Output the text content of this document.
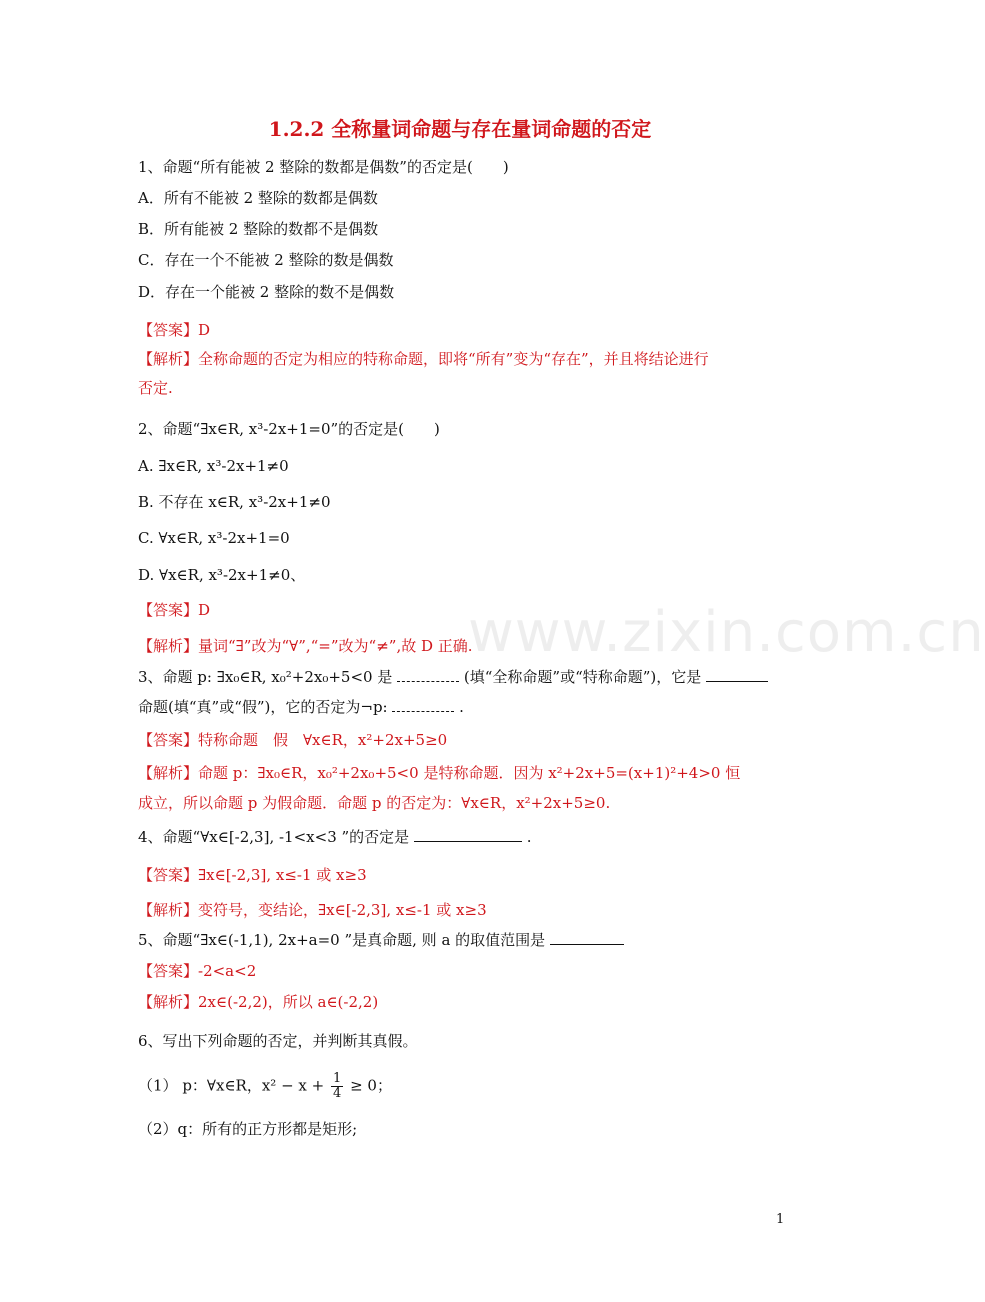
1.2.2 全称量词命题与存在量词命题的否定
1、命题“所有能被 2 整除的数都是偶数”的否定是(　　)
A．所有不能被 2 整除的数都是偶数
B．所有能被 2 整除的数都不是偶数
C．存在一个不能被 2 整除的数是偶数
D．存在一个能被 2 整除的数不是偶数
【答案】D
【解析】全称命题的否定为相应的特称命题，即将“所有”变为“存在”，并且将结论进行
否定.
2、命题“∃x∈R, x³-2x+1=0”的否定是(　　)
A. ∃x∈R, x³-2x+1≠0
B. 不存在 x∈R, x³-2x+1≠0
C. ∀x∈R, x³-2x+1=0
D. ∀x∈R, x³-2x+1≠0、
【答案】D
【解析】量词“∃”改为“∀”,“=”改为“≠”,故 D 正确.
3、命题 p: ∃x₀∈R, x₀²+2x₀+5<0 是	(填“全称命题”或“特称命题”)，它是
命题(填“真”或“假”)，它的否定为¬p:	.
【答案】特称命题　假　∀x∈R，x²+2x+5≥0
【解析】命题 p：∃x₀∈R，x₀²+2x₀+5<0 是特称命题．因为 x²+2x+5=(x+1)²+4>0 恒
成立，所以命题 p 为假命题．命题 p 的否定为：∀x∈R，x²+2x+5≥0.
4、命题“∀x∈[-2,3], -1<x<3 ”的否定是	.
【答案】∃x∈[-2,3], x≤-1 或 x≥3
【解析】变符号，变结论，∃x∈[-2,3], x≤-1 或 x≥3
5、命题“∃x∈(-1,1), 2x+a=0 ”是真命题, 则 a 的取值范围是
【答案】-2<a<2
【解析】2x∈(-2,2)，所以 a∈(-2,2)
6、写出下列命题的否定，并判断其真假。
（1） p：∀x∈R，$x^2 - x + \frac{1}{4} \ge 0$；
（2）q：所有的正方形都是矩形;
www.zixin.com.cn
1
